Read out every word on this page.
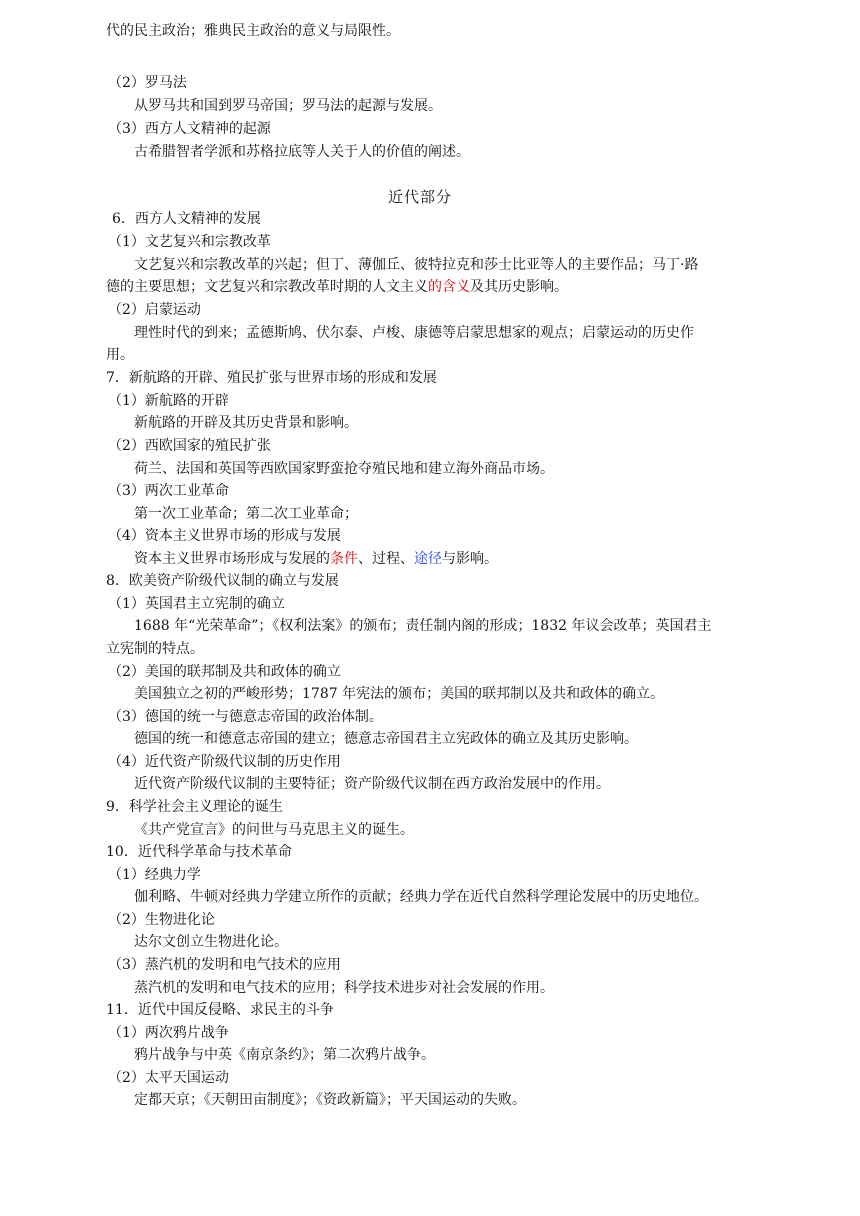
代的民主政治；雅典民主政治的意义与局限性。
（2）罗马法
从罗马共和国到罗马帝国；罗马法的起源与发展。
（3）西方人文精神的起源
古希腊智者学派和苏格拉底等人关于人的价值的阐述。
近代部分
6．西方人文精神的发展
（1）文艺复兴和宗教改革
文艺复兴和宗教改革的兴起；但丁、薄伽丘、彼特拉克和莎士比亚等人的主要作品；马丁·路
德的主要思想；文艺复兴和宗教改革时期的人文主义的含义及其历史影响。
（2）启蒙运动
理性时代的到来；孟德斯鸠、伏尔泰、卢梭、康德等启蒙思想家的观点；启蒙运动的历史作
用。
7．新航路的开辟、殖民扩张与世界市场的形成和发展
（1）新航路的开辟
新航路的开辟及其历史背景和影响。
（2）西欧国家的殖民扩张
荷兰、法国和英国等西欧国家野蛮抢夺殖民地和建立海外商品市场。
（3）两次工业革命
第一次工业革命；第二次工业革命；
（4）资本主义世界市场的形成与发展
资本主义世界市场形成与发展的条件、过程、途径与影响。
8．欧美资产阶级代议制的确立与发展
（1）英国君主立宪制的确立
1688 年“光荣革命”；《权利法案》的颁布；责任制内阁的形成；1832 年议会改革；英国君主
立宪制的特点。
（2）美国的联邦制及共和政体的确立
美国独立之初的严峻形势；1787 年宪法的颁布；美国的联邦制以及共和政体的确立。
（3）德国的统一与德意志帝国的政治体制。
德国的统一和德意志帝国的建立；德意志帝国君主立宪政体的确立及其历史影响。
（4）近代资产阶级代议制的历史作用
近代资产阶级代议制的主要特征；资产阶级代议制在西方政治发展中的作用。
9．科学社会主义理论的诞生
《共产党宣言》的问世与马克思主义的诞生。
10．近代科学革命与技术革命
（1）经典力学
伽利略、牛顿对经典力学建立所作的贡献；经典力学在近代自然科学理论发展中的历史地位。
（2）生物进化论
达尔文创立生物进化论。
（3）蒸汽机的发明和电气技术的应用
蒸汽机的发明和电气技术的应用；科学技术进步对社会发展的作用。
11．近代中国反侵略、求民主的斗争
（1）两次鸦片战争
鸦片战争与中英《南京条约》；第二次鸦片战争。
（2）太平天国运动
定都天京；《天朝田亩制度》；《资政新篇》；平天国运动的失败。
